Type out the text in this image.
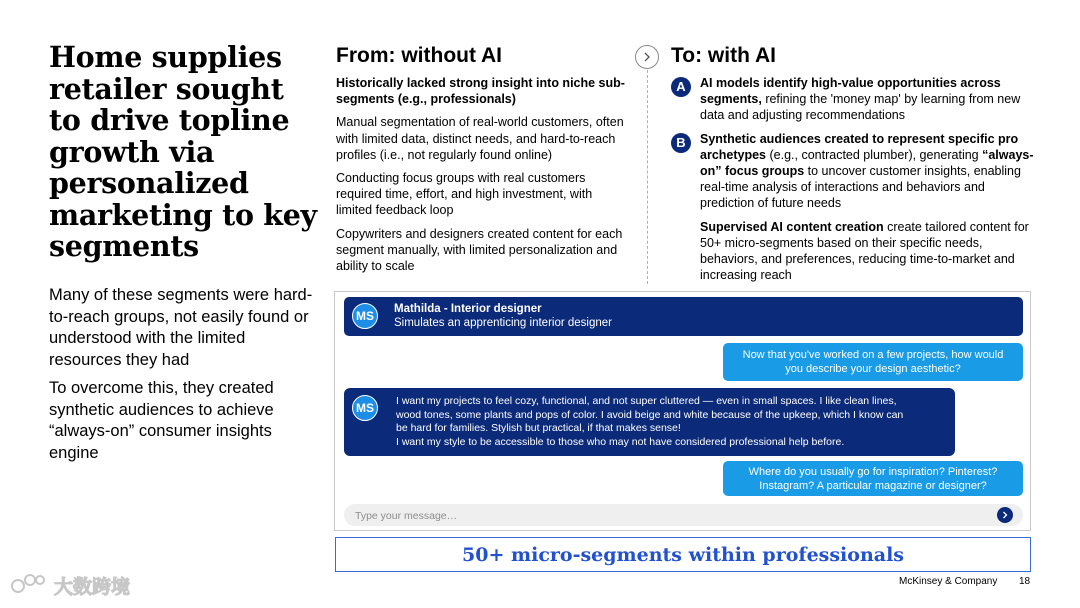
Home supplies retailer sought to drive topline growth via personalized marketing to key segments
Many of these segments were hard-to-reach groups, not easily found or understood with the limited resources they had
To overcome this, they created synthetic audiences to achieve “always-on” consumer insights engine
From: without AI	To: with AI

Historically lacked strong insight into niche sub-segments (e.g., professionals)

Manual segmentation of real-world customers, often with limited data, distinct needs, and hard-to-reach profiles (i.e., not regularly found online)

Conducting focus groups with real customers required time, effort, and high investment, with limited feedback loop

Copywriters and designers created content for each segment manually, with limited personalization and ability to scale

A	AI models identify high-value opportunities across segments, refining the 'money map' by learning from new data and adjusting recommendations
B	Synthetic audiences created to represent specific pro archetypes (e.g., contracted plumber), generating “always-on” focus groups to uncover customer insights, enabling real-time analysis of interactions and behaviors and prediction of future needs
Supervised AI content creation create tailored content for 50+ micro-segments based on their specific needs, behaviors, and preferences, reducing time-to-market and increasing reach
MS	Mathilda - Interior designer
Simulates an apprenticing interior designer
Now that you've worked on a few projects, how would you describe your design aesthetic?
MS	I want my projects to feel cozy, functional, and not super cluttered — even in small spaces. I like clean lines,
wood tones, some plants and pops of color. I avoid beige and white because of the upkeep, which I know can
be hard for families. Stylish but practical, if that makes sense!
I want my style to be accessible to those who may not have considered professional help before.
Where do you usually go for inspiration? Pinterest? Instagram? A particular magazine or designer?
Type your message…
50+ micro-segments within professionals
McKinsey & Company 18
大数跨境
